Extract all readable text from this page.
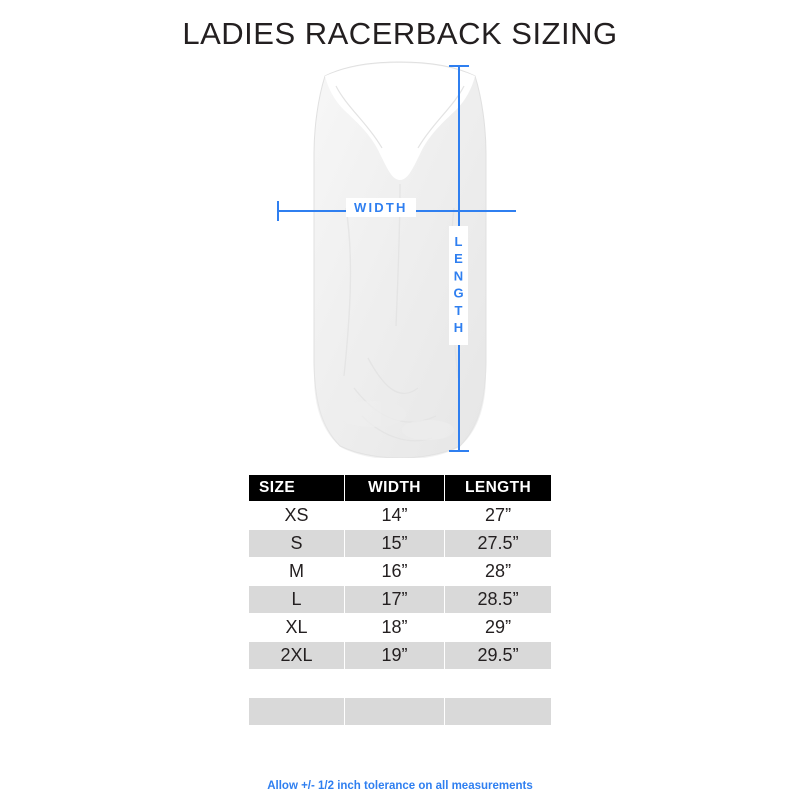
LADIES RACERBACK SIZING
WIDTH
LENGTH
SIZE	WIDTH	LENGTH
XS	14”	27”
S	15”	27.5”
M	16”	28”
L	17”	28.5”
XL	18”	29”
2XL	19”	29.5”

Allow +/- 1/2 inch tolerance on all measurements
